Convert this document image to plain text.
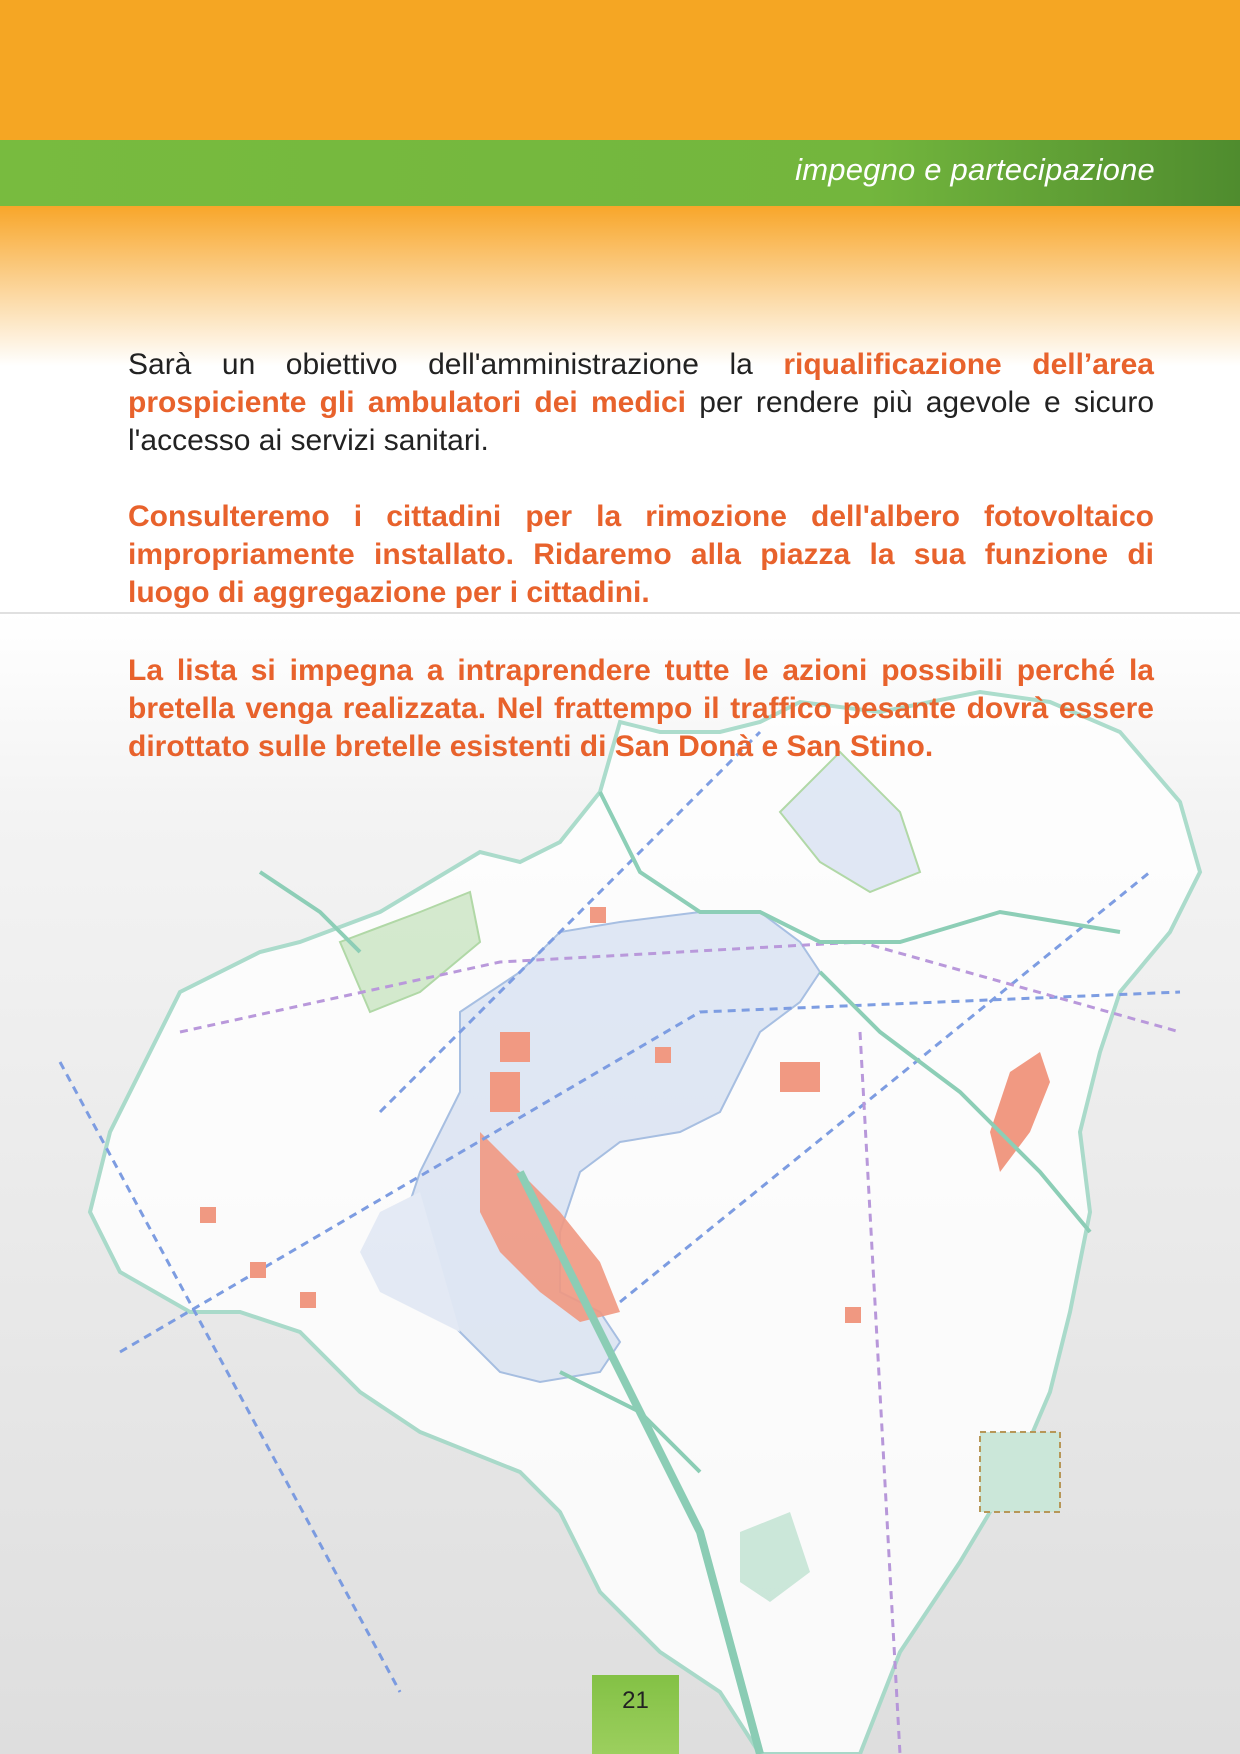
impegno e partecipazione
Sarà un obiettivo dell'amministrazione la riqualificazione dell’area prospiciente gli ambulatori dei medici per rendere più agevole e sicuro l'accesso ai servizi sanitari.
Consulteremo i cittadini per la rimozione dell'albero fotovoltaico impropriamente installato. Ridaremo alla piazza la sua funzione di luogo di aggregazione per i cittadini.
La lista si impegna a intraprendere tutte le azioni possibili perché la bretella venga realizzata. Nel frattempo il traffico pesante dovrà essere dirottato sulle bretelle esistenti di San Donà e San Stino.
21
